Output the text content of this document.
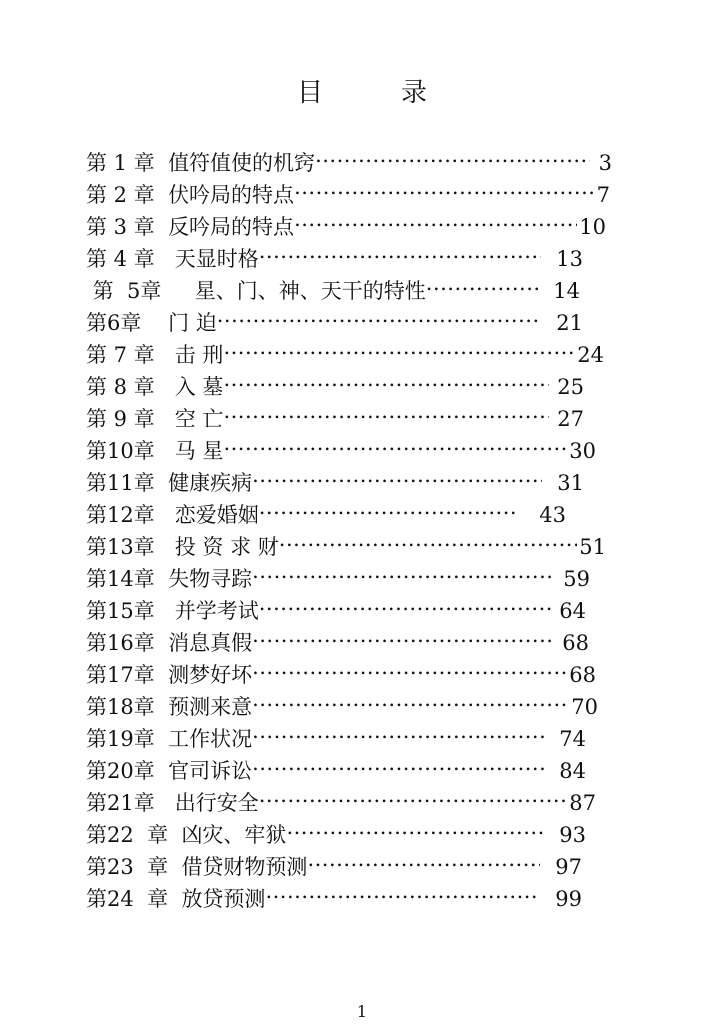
目　录
第 1 章 值符值使的机窍 .....	3
第 2 章 伏吟局的特点 .....	7
第 3 章 反吟局的特点 .....	10
第 4 章 天显时格 .....	13
第  5章 星、门、神、天干的特性 .....	14
第6章 门 迫 .....	21
第 7 章 击 刑 .....	24
第 8 章 入 墓 .....	25
第 9 章 空 亡 .....	27
第10章 马 星 .....	30
第11章 健康疾病 .....	31
第12章 恋爱婚姻 .....	43
第13章 投 资 求 财 .....	51
第14章 失物寻踪 .....	59
第15章 并学考试 .....	64
第16章 消息真假 .....	68
第17章 测梦好坏 .....	68
第18章 预测来意 .....	70
第19章 工作状况 .....	74
第20章 官司诉讼 .....	84
第21章 出行安全 .....	87
第22  章 凶灾、牢狱 .....	93
第23  章 借贷财物预测 .....	97
第24  章 放贷预测 .....	99
1
